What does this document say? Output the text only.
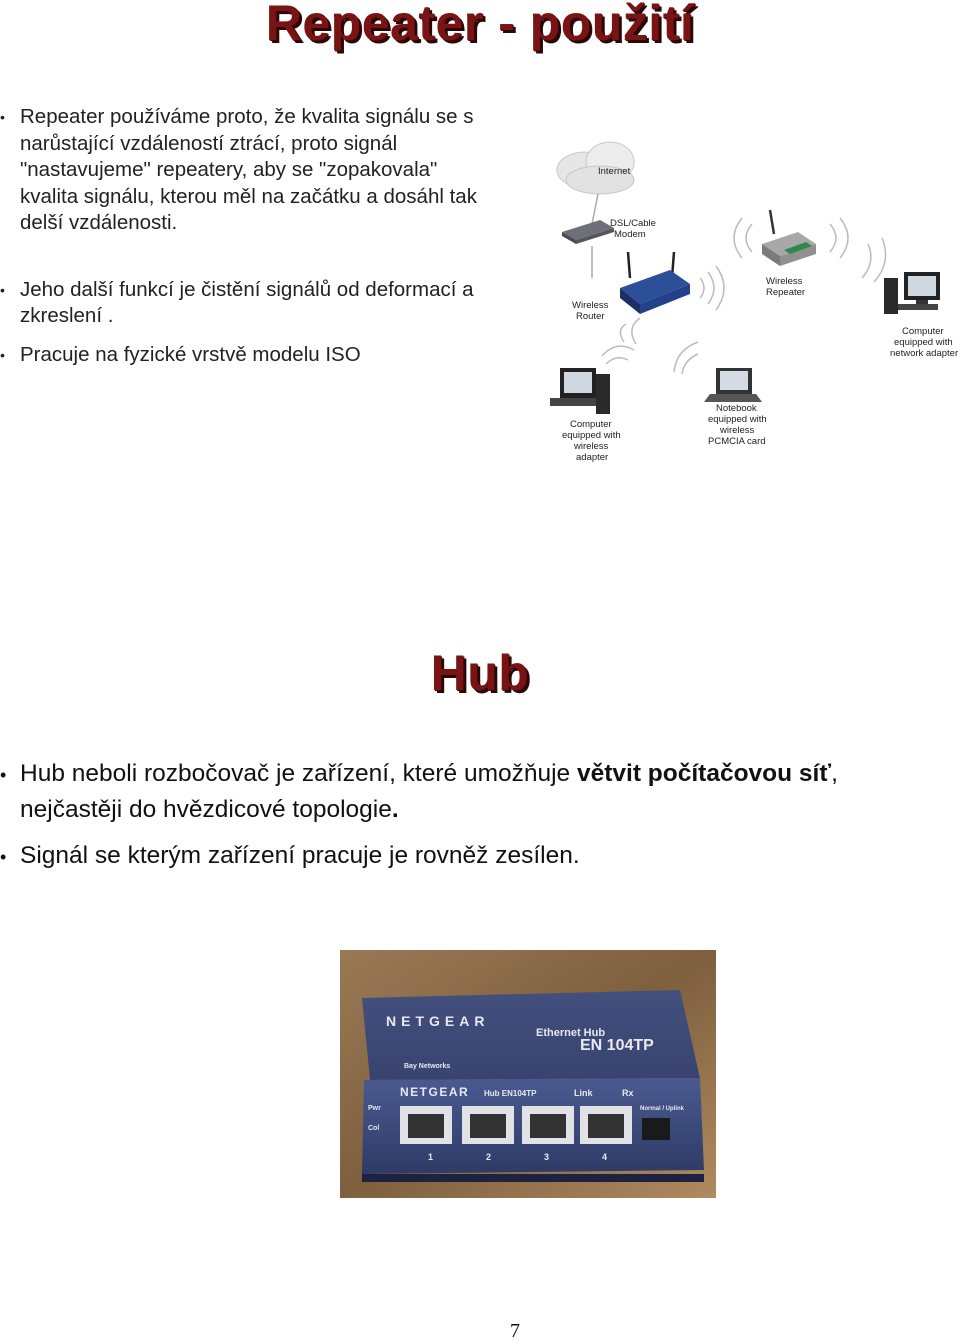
Repeater - použití
• Repeater používáme proto, že kvalita signálu se s narůstající vzdáleností ztrácí, proto signál "nastavujeme" repeatery, aby se "zopakovala" kvalita signálu, kterou měl na začátku a dosáhl tak delší vzdálenosti.
• Jeho další funkcí je čistění signálů od deformací a zkreslení .
• Pracuje na fyzické vrstvě modelu ISO
Internet
DSL/Cable
Modem
Wireless
Router
Wireless
Repeater
Computer
equipped with
network adapter
Computer
equipped with
wireless
adapter
Notebook
equipped with
wireless
PCMCIA card
Hub
• Hub neboli rozbočovač je zařízení, které umožňuje větvit počítačovou síť, nejčastěji do hvězdicové topologie.
• Signál se kterým zařízení pracuje je rovněž zesílen.
NETGEAR
Ethernet Hub
EN 104TP
Bay Networks
NETGEAR Hub EN104TP	Link	Rx
Pwr
Col
Normal / Uplink
1	2	3	4
7
